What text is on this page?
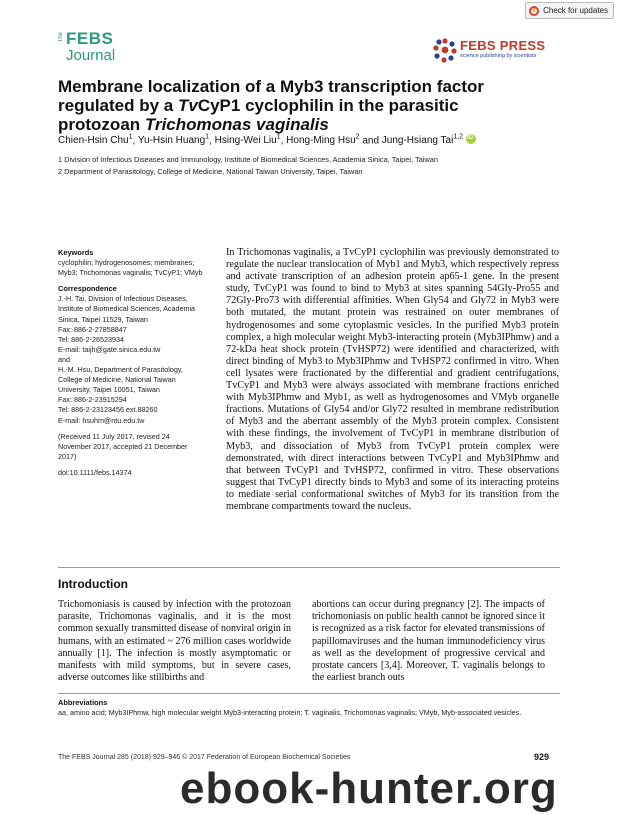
Check for updates
The FEBS
Journal
FEBS PRESS
science publishing by scientists
Membrane localization of a Myb3 transcription factor
regulated by a TvCyP1 cyclophilin in the parasitic
protozoan Trichomonas vaginalis
Chien-Hsin Chu$^1$, Yu-Hsin Huang$^1$, Hsing-Wei Liu$^1$, Hong-Ming Hsu$^2$ and Jung-Hsiang Tai$^{1,2}$iD
1 Division of Infectious Diseases and Immunology, Institute of Biomedical Sciences, Academia Sinica, Taipei, Taiwan
2 Department of Parasitology, College of Medicine, National Taiwan University, Taipei, Taiwan
Keywords
cyclophilin; hydrogenosomes; membranes;
Myb3; Trichomonas vaginalis; TvCyP1; VMyb
Correspondence
J.-H. Tai, Division of Infectious Diseases,
Institute of Biomedical Sciences, Academia
Sinica, Taipei 11529, Taiwan
Fax: 886-2-27858847
Tel: 886-2-26523934
E-mail: taijh@gate.sinica.edu.tw
and
H.-M. Hsu, Department of Parasitology,
College of Medicine, National Taiwan
University, Taipei 10051, Taiwan
Fax: 886-2-23915294
Tel: 886-2-23123456 ext.88260
E-mail: hsuhm@ntu.edu.tw
(Received 11 July 2017, revised 24
November 2017, accepted 21 December
2017)
doi:10.1111/febs.14374
In Trichomonas vaginalis, a TvCyP1 cyclophilin was previously demonstrated to regulate the nuclear translocation of Myb1 and Myb3, which respectively repress and activate transcription of an adhesion protein ap65-1 gene. In the present study, TvCyP1 was found to bind to Myb3 at sites spanning 54Gly-Pro55 and 72Gly-Pro73 with differential affinities. When Gly54 and Gly72 in Myb3 were both mutated, the mutant protein was restrained on outer membranes of hydrogenosomes and some cytoplasmic vesicles. In the purified Myb3 protein complex, a high molecular weight Myb3-interacting protein (Myb3IPhmw) and a 72-kDa heat shock protein (TvHSP72) were identified and characterized, with direct binding of Myb3 to Myb3IPhmw and TvHSP72 confirmed in vitro. When cell lysates were fractionated by the differential and gradient centrifugations, TvCyP1 and Myb3 were always associated with membrane fractions enriched with Myb3IPhmw and Myb1, as well as hydrogenosomes and VMyb organelle fractions. Mutations of Gly54 and/or Gly72 resulted in membrane redistribution of Myb3 and the aberrant assembly of the Myb3 protein complex. Consistent with these findings, the involvement of TvCyP1 in membrane distribution of Myb3, and dissociation of Myb3 from TvCyP1 protein complex were demonstrated, with direct interactions between TvCyP1 and Myb3IPhmw and that between TvCyP1 and TvHSP72, confirmed in vitro. These observations suggest that TvCyP1 directly binds to Myb3 and some of its interacting proteins to mediate serial conformational switches of Myb3 for its transition from the membrane compartments toward the nucleus.
Introduction
Trichomoniasis is caused by infection with the protozoan parasite, Trichomonas vaginalis, and it is the most common sexually transmitted disease of nonviral origin in humans, with an estimated ~ 276 million cases worldwide annually [1]. The infection is mostly asymptomatic or manifests with mild symptoms, but in severe cases, adverse outcomes like stillbirths and
abortions can occur during pregnancy [2]. The impacts of trichomoniasis on public health cannot be ignored since it is recognized as a risk factor for elevated transmissions of papillomaviruses and the human immunodeficiency virus as well as the development of progressive cervical and prostate cancers [3,4]. Moreover, T. vaginalis belongs to the earliest branch outs
Abbreviations
aa, amino acid; Myb3IPhmw, high molecular weight Myb3-interacting protein; T. vaginalis, Trichomonas vaginalis; VMyb, Myb-associated vesicles.
The FEBS Journal 285 (2018) 929–946 © 2017 Federation of European Biochemical Societies	929
ebook-hunter.org
